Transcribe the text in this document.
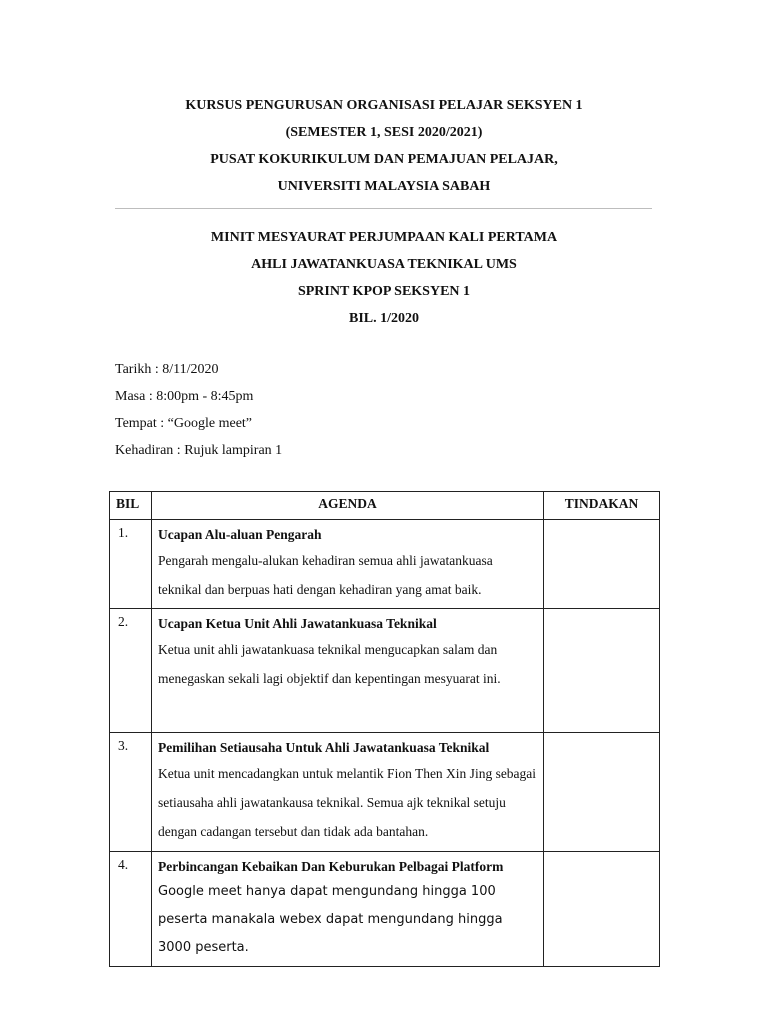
KURSUS PENGURUSAN ORGANISASI PELAJAR SEKSYEN 1

(SEMESTER 1, SESI 2020/2021)

PUSAT KOKURIKULUM DAN PEMAJUAN PELAJAR,

UNIVERSITI MALAYSIA SABAH

MINIT MESYAURAT PERJUMPAAN KALI PERTAMA

AHLI JAWATANKUASA TEKNIKAL UMS

SPRINT KPOP SEKSYEN 1

BIL. 1/2020

Tarikh : 8/11/2020
Masa : 8:00pm - 8:45pm
Tempat : “Google meet”
Kehadiran : Rujuk lampiran 1
BIL	AGENDA	TINDAKAN
1.	Ucapan Alu-aluan Pengarah
Pengarah mengalu-alukan kehadiran semua ahli jawatankuasa teknikal dan berpuas hati dengan kehadiran yang amat baik.	

2.	Ucapan Ketua Unit Ahli Jawatankuasa Teknikal
Ketua unit ahli jawatankuasa teknikal mengucapkan salam dan menegaskan sekali lagi objektif dan kepentingan mesyuarat ini.	

3.	Pemilihan Setiausaha Untuk Ahli Jawatankuasa Teknikal
Ketua unit mencadangkan untuk melantik Fion Then Xin Jing sebagai setiausaha ahli jawatankausa teknikal. Semua ajk teknikal setuju dengan cadangan tersebut dan tidak ada bantahan.	

4.	Perbincangan Kebaikan Dan Keburukan Pelbagai Platform
Google meet hanya dapat mengundang hingga 100 peserta manakala webex dapat mengundang hingga 3000 peserta.	
